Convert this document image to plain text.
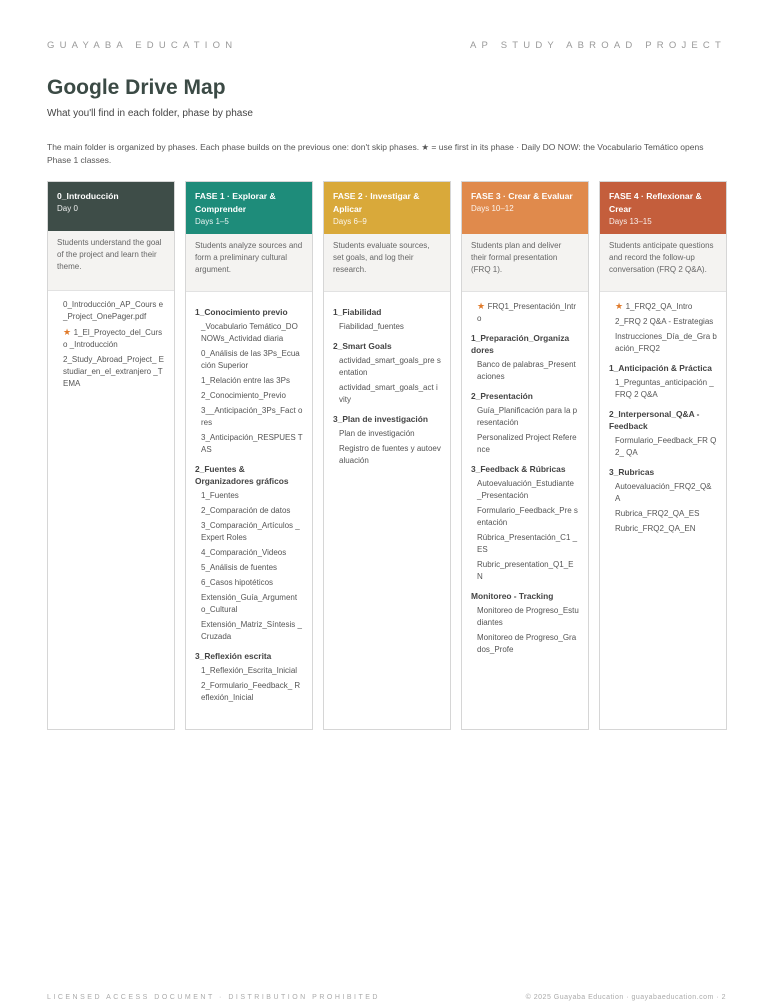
GUAYABA EDUCATION	AP STUDY ABROAD PROJECT
Google Drive Map
What you'll find in each folder, phase by phase
The main folder is organized by phases. Each phase builds on the previous one: don't skip phases. ★ = use first in its phase · Daily DO NOW: the Vocabulario Temático opens Phase 1 classes.
0_Introducción
Day 0
Students understand the goal of the project and learn their theme.
0_Introducción_AP_Cours e_Project_OnePager.pdf
★ 1_El_Proyecto_del_Curso _Introducción
2_Study_Abroad_Project_ Estudiar_en_el_extranjero _TEMA
FASE 1 · Explorar & Comprender
Days 1–5
Students analyze sources and form a preliminary cultural argument.
1_Conocimiento previo
_Vocabulario Temático_DO NOWs_Actividad diaria
0_Análisis de las 3Ps_Ecuación Superior
1_Relación entre las 3Ps
2_Conocimiento_Previo
3__Anticipación_3Ps_Fact ores
3_Anticipación_RESPUES TAS
2_Fuentes & Organizadores gráficos
1_Fuentes
2_Comparación de datos
3_Comparación_Artículos _Expert Roles
4_Comparación_Videos
5_Análisis de fuentes
6_Casos hipotéticos
Extensión_Guía_Argument o_Cultural
Extensión_Matriz_Síntesis _Cruzada
3_Reflexión escrita
1_Reflexión_Escrita_Inicial
2_Formulario_Feedback_ Reflexión_Inicial
FASE 2 · Investigar & Aplicar
Days 6–9
Students evaluate sources, set goals, and log their research.
1_Fiabilidad
Fiabilidad_fuentes
2_Smart Goals
actividad_smart_goals_pre sentation
actividad_smart_goals_act ivity
3_Plan de investigación
Plan de investigación
Registro de fuentes y autoevaluación
FASE 3 · Crear & Evaluar
Days 10–12
Students plan and deliver their formal presentation (FRQ 1).
★ FRQ1_Presentación_Intro
1_Preparación_Organiza dores
Banco de palabras_Presentaciones
2_Presentación
Guía_Planificación para la presentación
Personalized Project Reference
3_Feedback & Rúbricas
Autoevaluación_Estudiante _Presentación
Formulario_Feedback_Pre sentación
Rúbrica_Presentación_C1 _ES
Rubric_presentation_Q1_E N
Monitoreo - Tracking
Monitoreo de Progreso_Estudiantes
Monitoreo de Progreso_Grados_Profe
FASE 4 · Reflexionar & Crear
Days 13–15
Students anticipate questions and record the follow-up conversation (FRQ 2 Q&A).
★ 1_FRQ2_QA_Intro
2_FRQ 2 Q&A - Estrategias
Instrucciones_Día_de_Gra bación_FRQ2
1_Anticipación & Práctica
1_Preguntas_anticipación _FRQ 2 Q&A
2_Interpersonal_Q&A - Feedback
Formulario_Feedback_FR Q 2_ QA
3_Rubricas
Autoevaluación_FRQ2_Q& A
Rubrica_FRQ2_QA_ES
Rubric_FRQ2_QA_EN
LICENSED ACCESS DOCUMENT · DISTRIBUTION PROHIBITED	© 2025 Guayaba Education · guayabaeducation.com · 2
